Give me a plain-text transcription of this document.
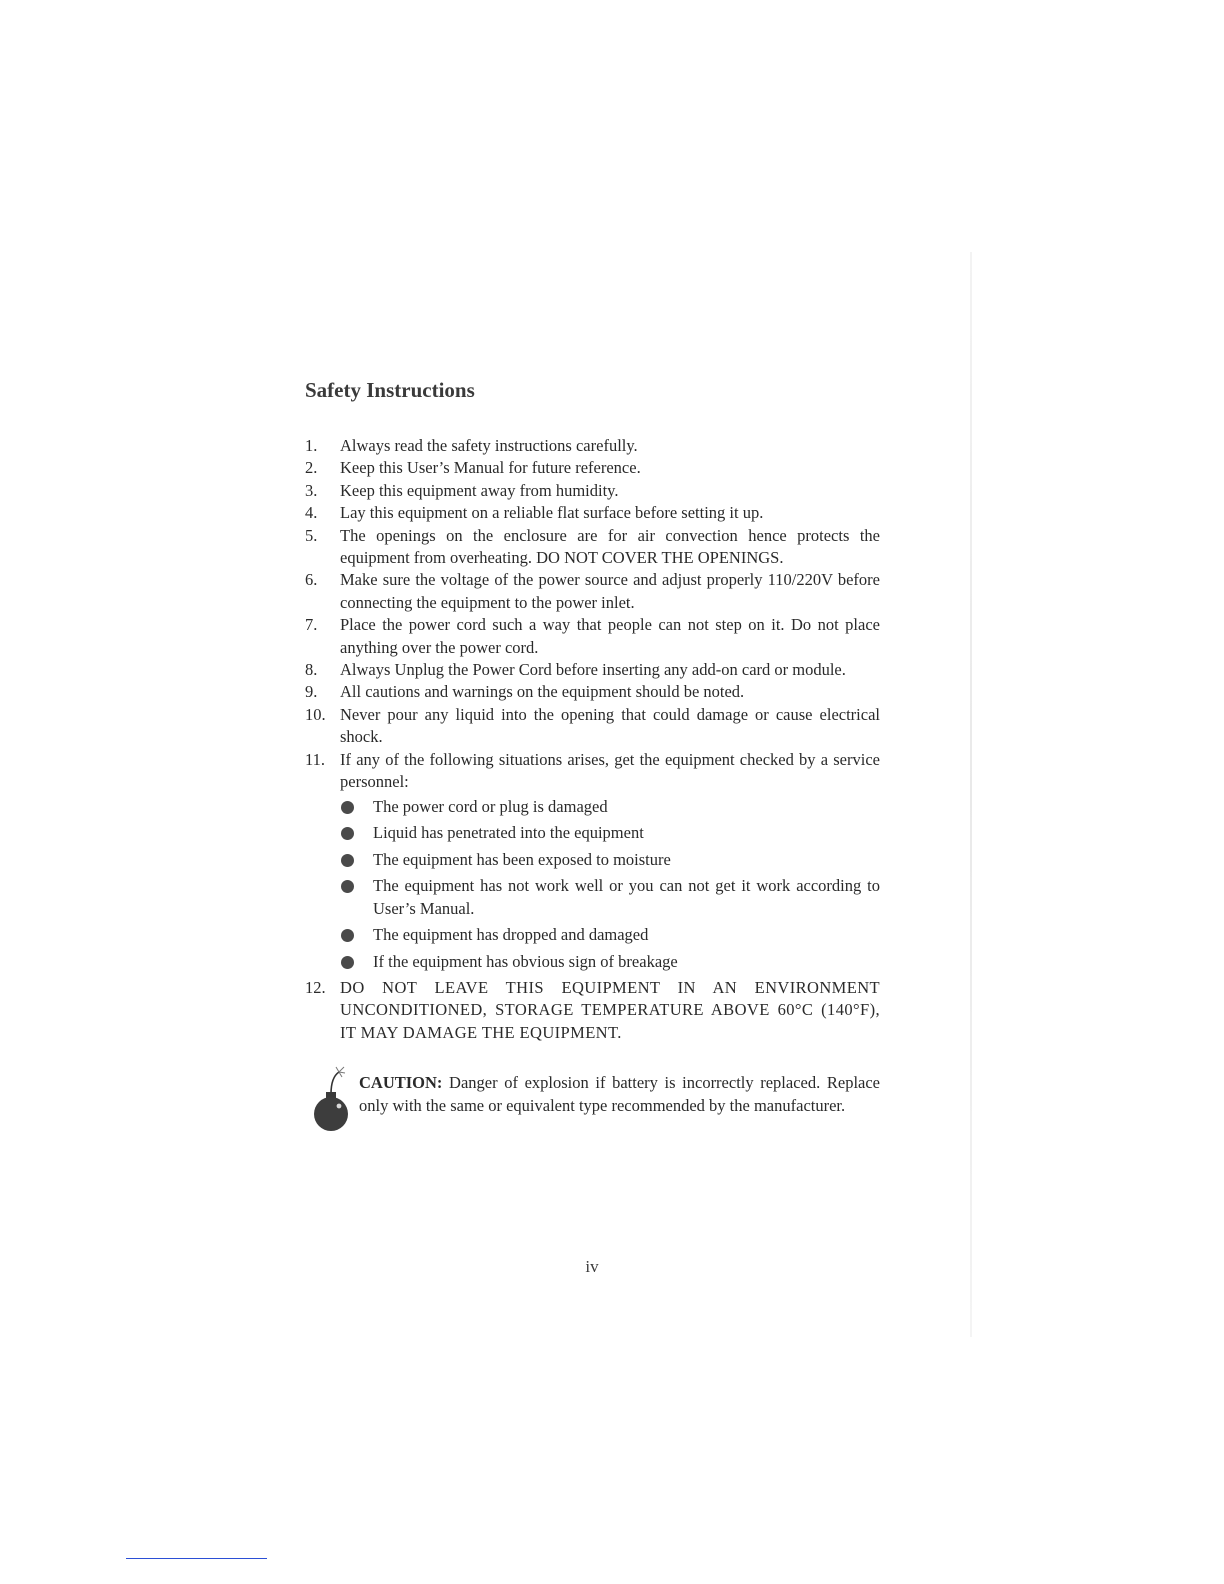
Safety Instructions
1. Always read the safety instructions carefully.
2. Keep this User’s Manual for future reference.
3. Keep this equipment away from humidity.
4. Lay this equipment on a reliable flat surface before setting it up.
5. The openings on the enclosure are for air convection hence protects the equipment from overheating. DO NOT COVER THE OPENINGS.
6. Make sure the voltage of the power source and adjust properly 110/220V before connecting the equipment to the power inlet.
7. Place the power cord such a way that people can not step on it. Do not place anything over the power cord.
8. Always Unplug the Power Cord before inserting any add-on card or module.
9. All cautions and warnings on the equipment should be noted.
10. Never pour any liquid into the opening that could damage or cause electrical shock.
11. If any of the following situations arises, get the equipment checked by a service personnel:
The power cord or plug is damaged
Liquid has penetrated into the equipment
The equipment has been exposed to moisture
The equipment has not work well or you can not get it work according to User’s Manual.
The equipment has dropped and damaged
If the equipment has obvious sign of breakage
12. DO NOT LEAVE THIS EQUIPMENT IN AN ENVIRONMENT UNCONDITIONED, STORAGE TEMPERATURE ABOVE 60°C (140°F), IT MAY DAMAGE THE EQUIPMENT.
CAUTION: Danger of explosion if battery is incorrectly replaced. Replace only with the same or equivalent type recommended by the manufacturer.
iv
